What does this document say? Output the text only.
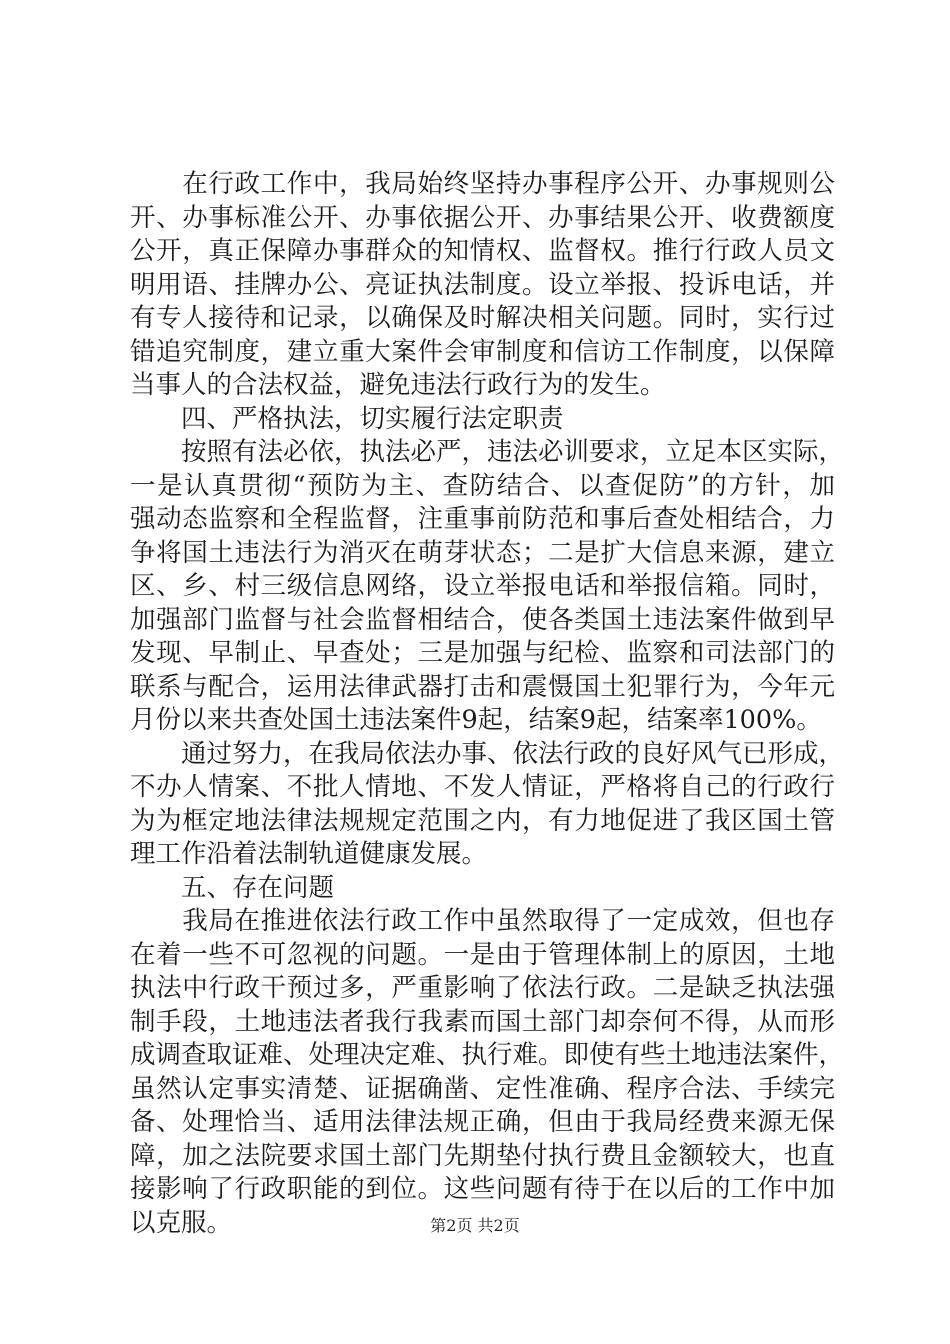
　　在行政工作中，我局始终坚持办事程序公开、办事规则公
开、办事标准公开、办事依据公开、办事结果公开、收费额度
公开，真正保障办事群众的知情权、监督权。推行行政人员文
明用语、挂牌办公、亮证执法制度。设立举报、投诉电话，并
有专人接待和记录，以确保及时解决相关问题。同时，实行过
错追究制度，建立重大案件会审制度和信访工作制度，以保障
当事人的合法权益，避免违法行政行为的发生。
　　四、严格执法，切实履行法定职责
　　按照有法必依，执法必严，违法必训要求，立足本区实际，
一是认真贯彻“预防为主、查防结合、以查促防”的方针，加
强动态监察和全程监督，注重事前防范和事后查处相结合，力
争将国土违法行为消灭在萌芽状态；二是扩大信息来源，建立
区、乡、村三级信息网络，设立举报电话和举报信箱。同时，
加强部门监督与社会监督相结合，使各类国土违法案件做到早
发现、早制止、早查处；三是加强与纪检、监察和司法部门的
联系与配合，运用法律武器打击和震慑国土犯罪行为，今年元
月份以来共查处国土违法案件9起，结案9起，结案率100%。
　　通过努力，在我局依法办事、依法行政的良好风气已形成，
不办人情案、不批人情地、不发人情证，严格将自己的行政行
为为框定地法律法规规定范围之内，有力地促进了我区国土管
理工作沿着法制轨道健康发展。
　　五、存在问题
　　我局在推进依法行政工作中虽然取得了一定成效，但也存
在着一些不可忽视的问题。一是由于管理体制上的原因，土地
执法中行政干预过多，严重影响了依法行政。二是缺乏执法强
制手段，土地违法者我行我素而国土部门却奈何不得，从而形
成调查取证难、处理决定难、执行难。即使有些土地违法案件，
虽然认定事实清楚、证据确凿、定性准确、程序合法、手续完
备、处理恰当、适用法律法规正确，但由于我局经费来源无保
障，加之法院要求国土部门先期垫付执行费且金额较大，也直
接影响了行政职能的到位。这些问题有待于在以后的工作中加
以克服。	第2页 共2页
